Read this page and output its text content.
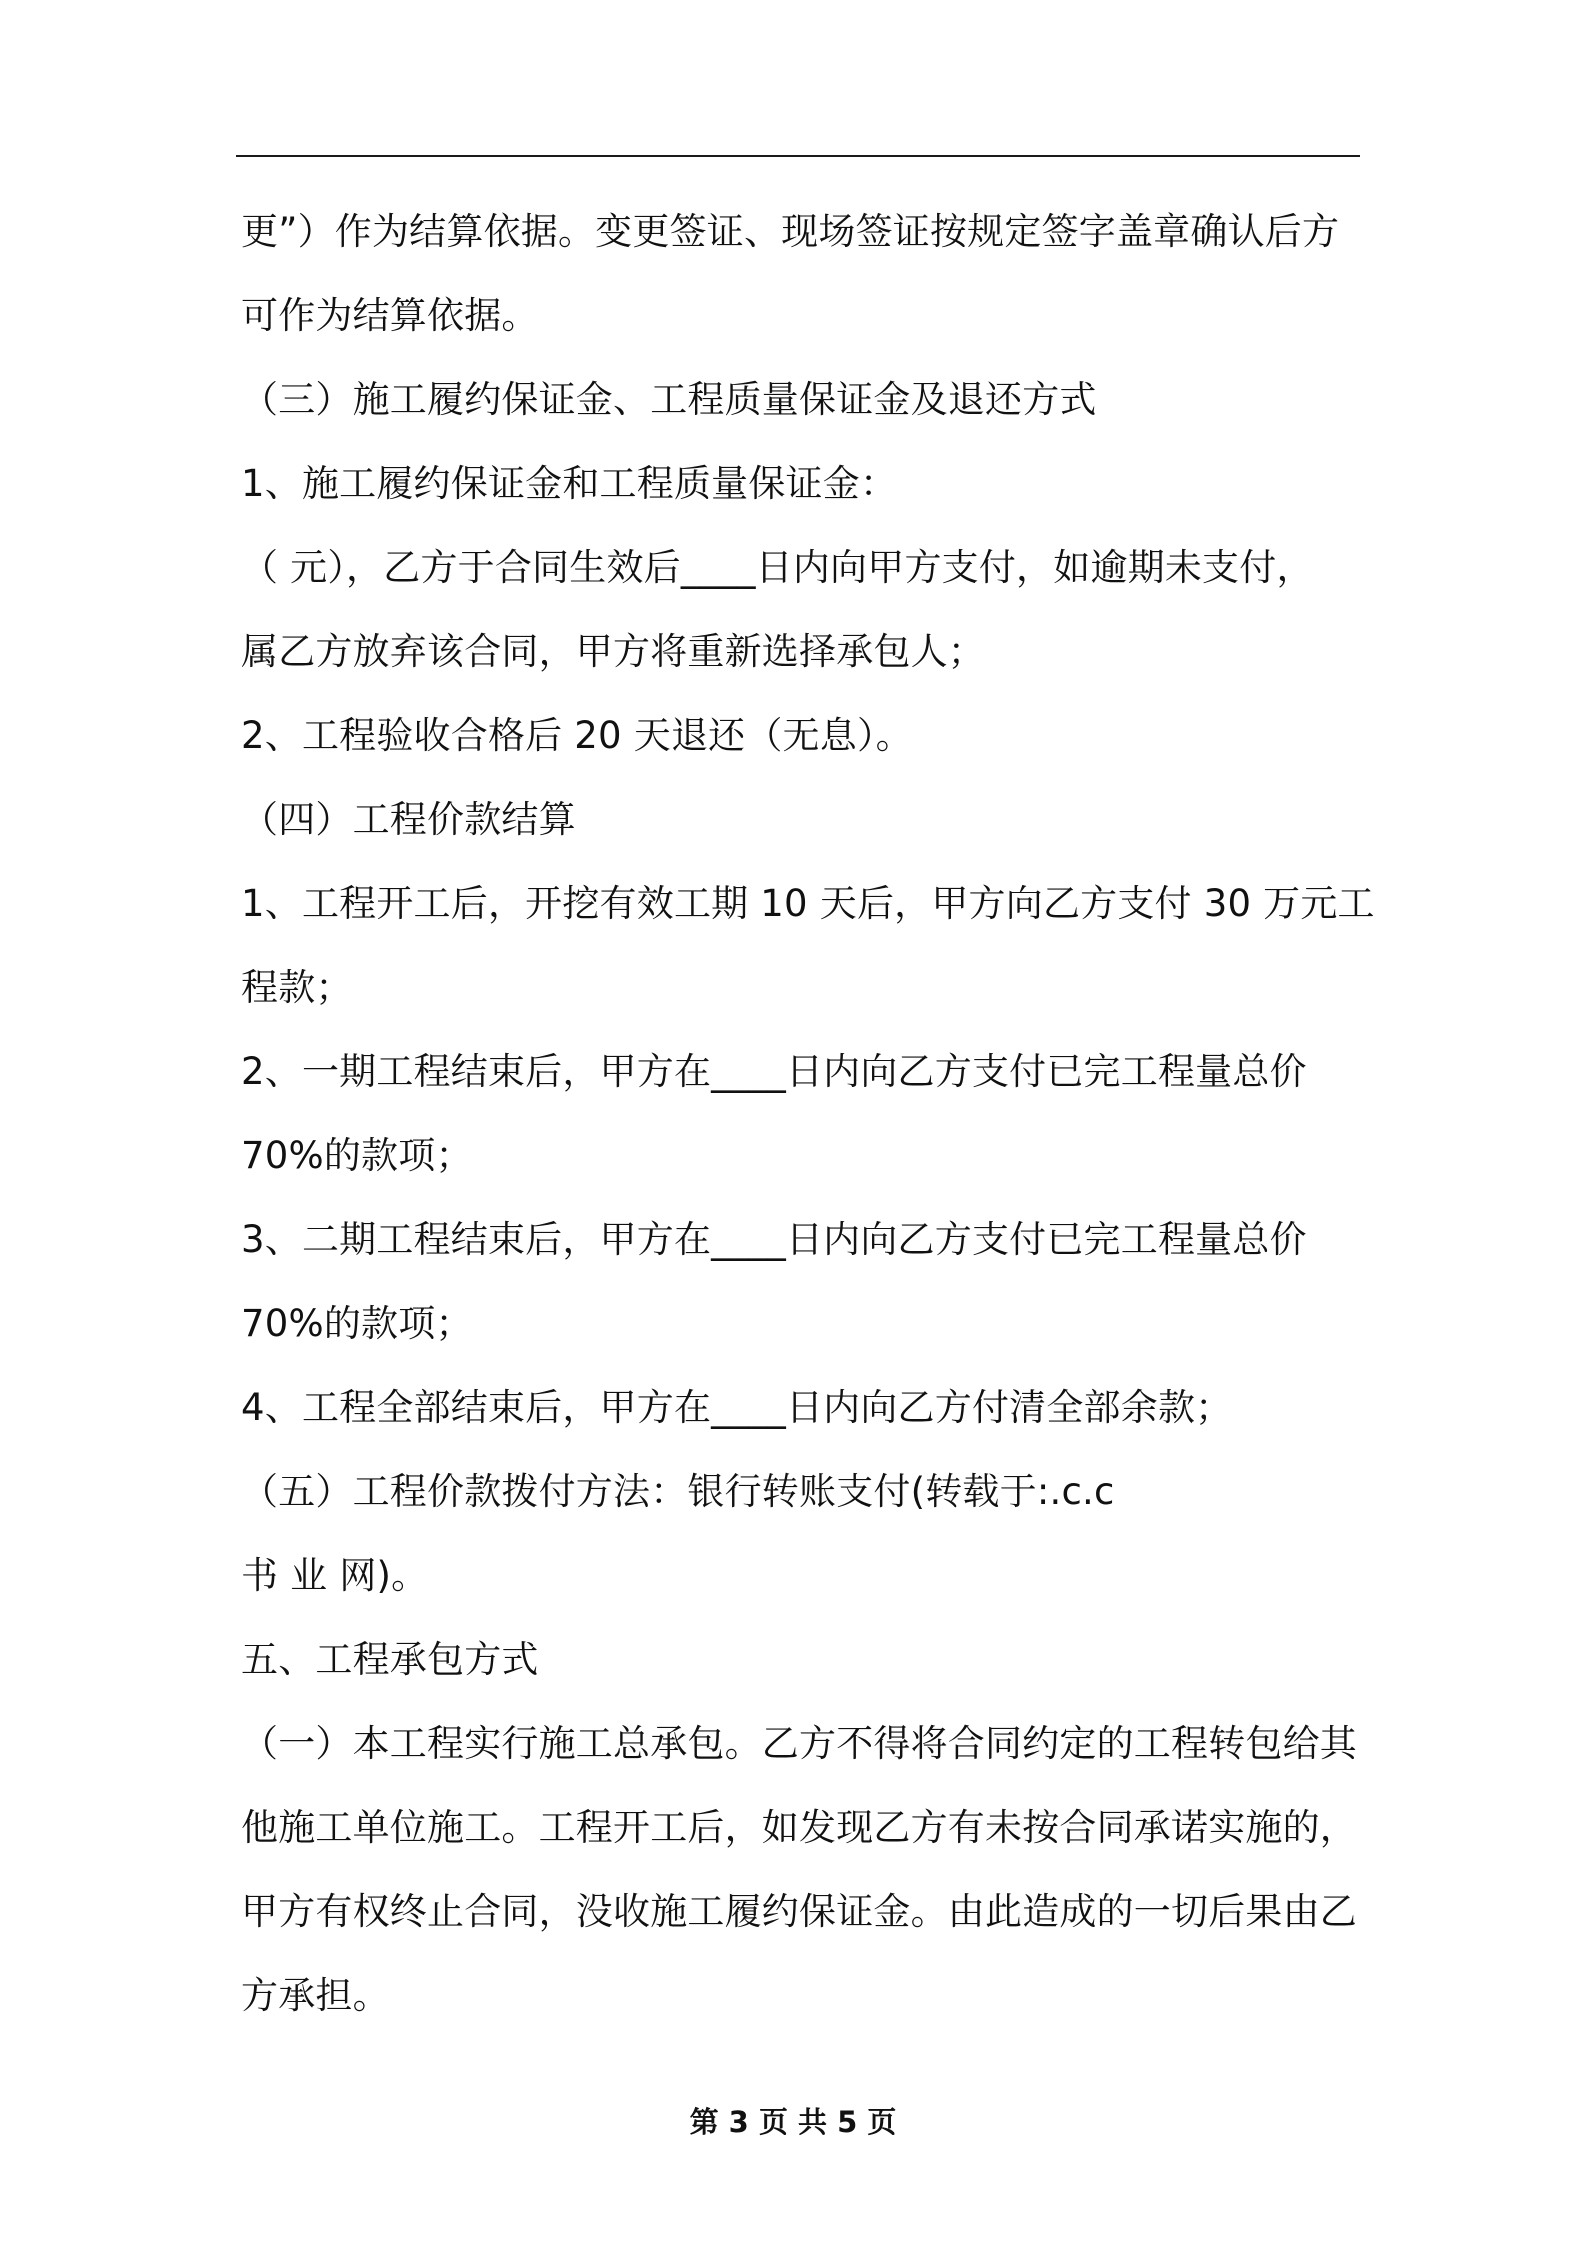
更”）作为结算依据。变更签证、现场签证按规定签字盖章确认后方
可作为结算依据。
（三）施工履约保证金、工程质量保证金及退还方式
1、施工履约保证金和工程质量保证金：
（ 元），乙方于合同生效后____日内向甲方支付，如逾期未支付，
属乙方放弃该合同，甲方将重新选择承包人；
2、工程验收合格后 20 天退还（无息）。
（四）工程价款结算
1、工程开工后，开挖有效工期 10 天后，甲方向乙方支付 30 万元工
程款；
2、一期工程结束后，甲方在____日内向乙方支付已完工程量总价
70%的款项；
3、二期工程结束后，甲方在____日内向乙方支付已完工程量总价
70%的款项；
4、工程全部结束后，甲方在____日内向乙方付清全部余款；
（五）工程价款拨付方法：银行转账支付(转载于:.c.c
书 业 网)。
五、工程承包方式
（一）本工程实行施工总承包。乙方不得将合同约定的工程转包给其
他施工单位施工。工程开工后，如发现乙方有未按合同承诺实施的，
甲方有权终止合同，没收施工履约保证金。由此造成的一切后果由乙
方承担。
第 3 页 共 5 页
